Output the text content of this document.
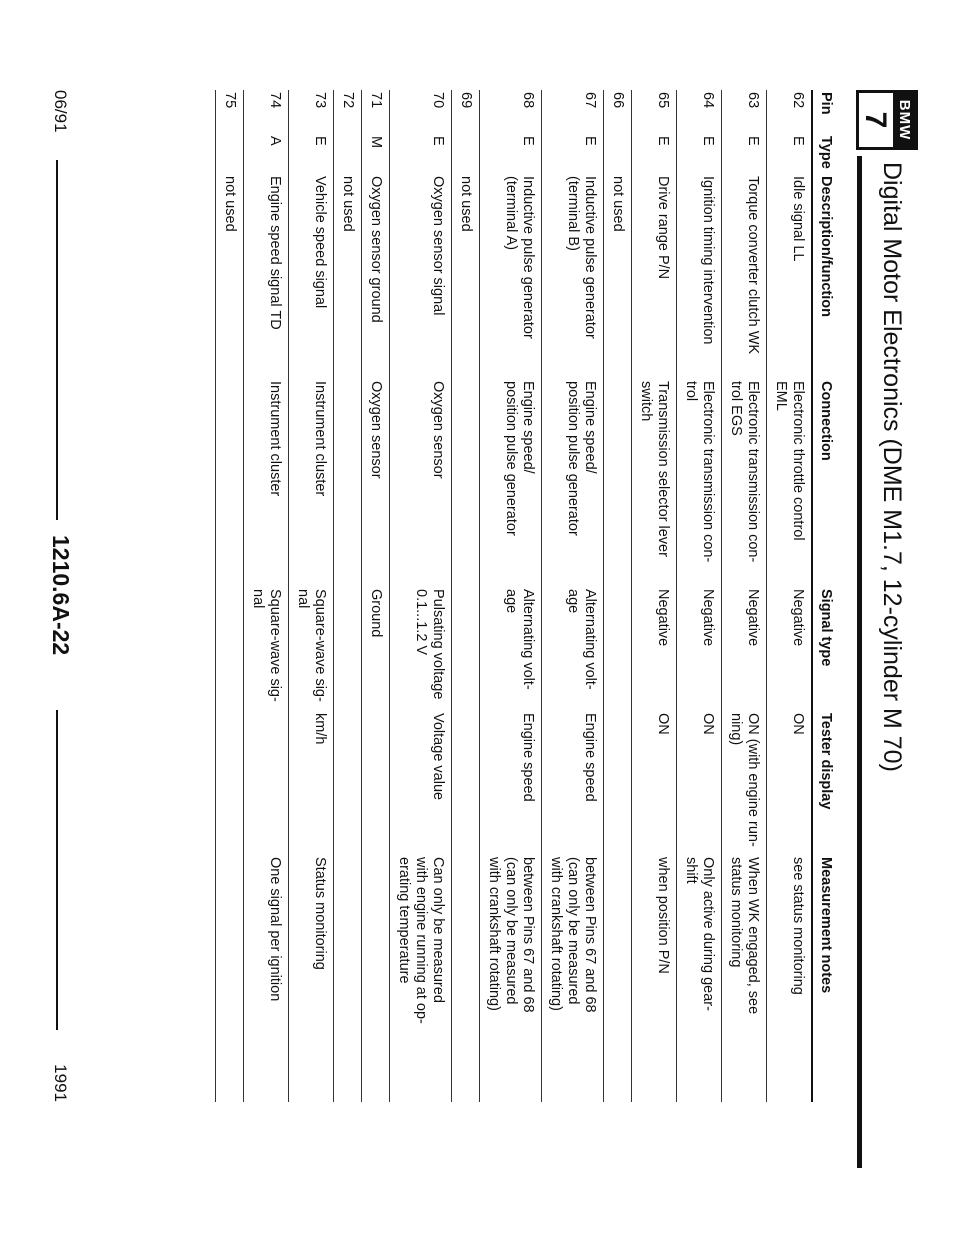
BMW
7
Digital Motor Electronics (DME M1.7, 12-cylinder M 70)
Pin
Type
Description/function
Connection
Signal type
Tester display
Measurement notes
62
E
Idle signal LL
Electronic throttle control
EML
Negative
ON
see status monitoring
63
E
Torque converter clutch WK
Electronic transmission con-
trol EGS
Negative
ON (with engine run-
ning)
When WK engaged, see
status monitoring
64
E
Ignition timing intervention
Electronic transmission con-
trol
Negative
ON
Only active during gear-
shift
65
E
Drive range P/N
Transmission selector lever
switch
Negative
ON
when position P/N
66
not used
67
E
Inductive pulse generator
(terminal B)
Engine speed/
position pulse generator
Alternating volt-
age
Engine speed
between Pins 67 and 68
(can only be measured
with crankshaft rotating)
68
E
Inductive pulse generator
(terminal A)
Engine speed/
position pulse generator
Alternating volt-
age
Engine speed
between Pins 67 and 68
(can only be measured
with crankshaft rotating)
69
not used
70
E
Oxygen sensor signal
Oxygen sensor
Pulsating voltage
0.1...1.2 V
Voltage value
Can only be measured
with engine running at op-
erating temperature
71
M
Oxygen sensor ground
Oxygen sensor
Ground
72
not used
73
E
Vehicle speed signal
Instrument cluster
Square-wave sig-
nal
km/h
Status monitoring
74
A
Engine speed signal TD
Instrument cluster
Square-wave sig-
nal
One signal per ignition
75
not used
06/91
1210.6A-22
1991
